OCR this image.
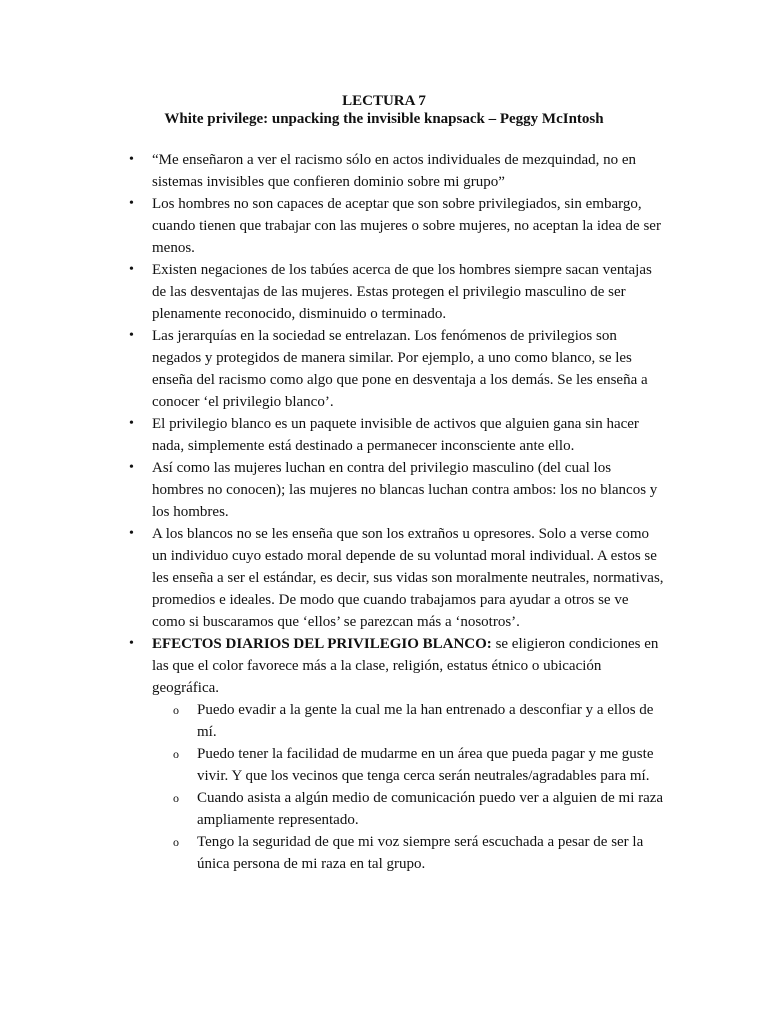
LECTURA 7
White privilege: unpacking the invisible knapsack – Peggy McIntosh
• “Me enseñaron a ver el racismo sólo en actos individuales de mezquindad, no en sistemas invisibles que confieren dominio sobre mi grupo”
• Los hombres no son capaces de aceptar que son sobre privilegiados, sin embargo, cuando tienen que trabajar con las mujeres o sobre mujeres, no aceptan la idea de ser menos.
• Existen negaciones de los tabúes acerca de que los hombres siempre sacan ventajas de las desventajas de las mujeres. Estas protegen el privilegio masculino de ser plenamente reconocido, disminuido o terminado.
• Las jerarquías en la sociedad se entrelazan. Los fenómenos de privilegios son negados y protegidos de manera similar. Por ejemplo, a uno como blanco, se les enseña del racismo como algo que pone en desventaja a los demás. Se les enseña a conocer ‘el privilegio blanco’.
• El privilegio blanco es un paquete invisible de activos que alguien gana sin hacer nada, simplemente está destinado a permanecer inconsciente ante ello.
• Así como las mujeres luchan en contra del privilegio masculino (del cual los hombres no conocen); las mujeres no blancas luchan contra ambos: los no blancos y los hombres.
• A los blancos no se les enseña que son los extraños u opresores. Solo a verse como un individuo cuyo estado moral depende de su voluntad moral individual. A estos se les enseña a ser el estándar, es decir, sus vidas son moralmente neutrales, normativas, promedios e ideales. De modo que cuando trabajamos para ayudar a otros se ve como si buscaramos que ‘ellos’ se parezcan más a ‘nosotros’.
• EFECTOS DIARIOS DEL PRIVILEGIO BLANCO: se eligieron condiciones en las que el color favorece más a la clase, religión, estatus étnico o ubicación geográfica.
o Puedo evadir a la gente la cual me la han entrenado a desconfiar y a ellos de mí.
o Puedo tener la facilidad de mudarme en un área que pueda pagar y me guste vivir. Y que los vecinos que tenga cerca serán neutrales/agradables para mí.
o Cuando asista a algún medio de comunicación puedo ver a alguien de mi raza ampliamente representado.
o Tengo la seguridad de que mi voz siempre será escuchada a pesar de ser la única persona de mi raza en tal grupo.
